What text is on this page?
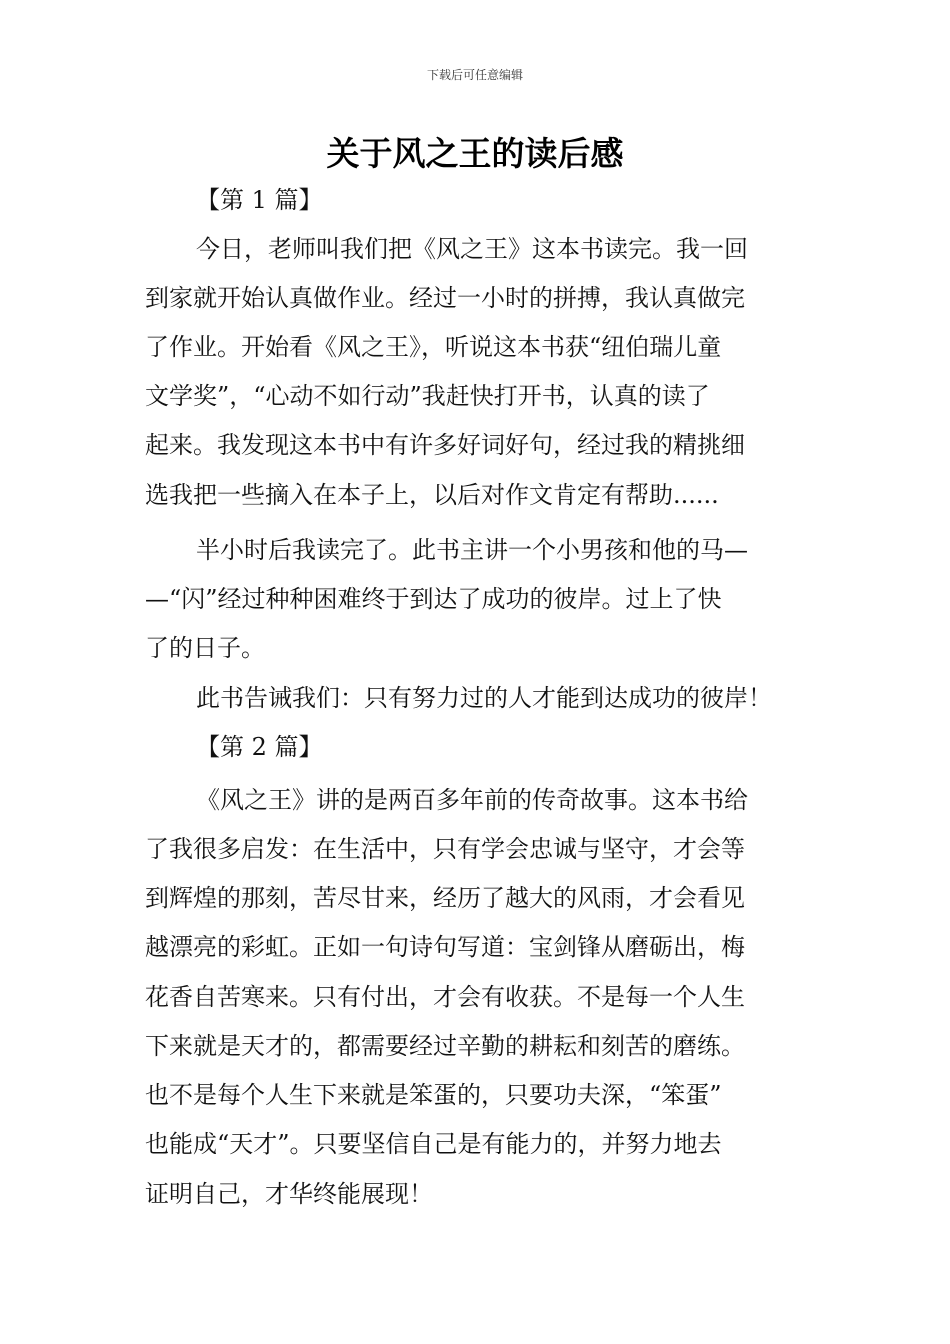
下载后可任意编辑
关于风之王的读后感
【第 1 篇】
今日，老师叫我们把《风之王》这本书读完。我一回
到家就开始认真做作业。经过一小时的拼搏，我认真做完
了作业。开始看《风之王》，听说这本书获“纽伯瑞儿童
文学奖”，“心动不如行动”我赶快打开书，认真的读了
起来。我发现这本书中有许多好词好句，经过我的精挑细
选我把一些摘入在本子上，以后对作文肯定有帮助......
半小时后我读完了。此书主讲一个小男孩和他的马—
—“闪”经过种种困难终于到达了成功的彼岸。过上了快
了的日子。
此书告诫我们：只有努力过的人才能到达成功的彼岸！
【第 2 篇】
《风之王》讲的是两百多年前的传奇故事。这本书给
了我很多启发：在生活中，只有学会忠诚与坚守，才会等
到辉煌的那刻，苦尽甘来，经历了越大的风雨，才会看见
越漂亮的彩虹。正如一句诗句写道：宝剑锋从磨砺出，梅
花香自苦寒来。只有付出，才会有收获。不是每一个人生
下来就是天才的，都需要经过辛勤的耕耘和刻苦的磨练。
也不是每个人生下来就是笨蛋的，只要功夫深，“笨蛋”
也能成“天才”。只要坚信自己是有能力的，并努力地去
证明自己，才华终能展现！
